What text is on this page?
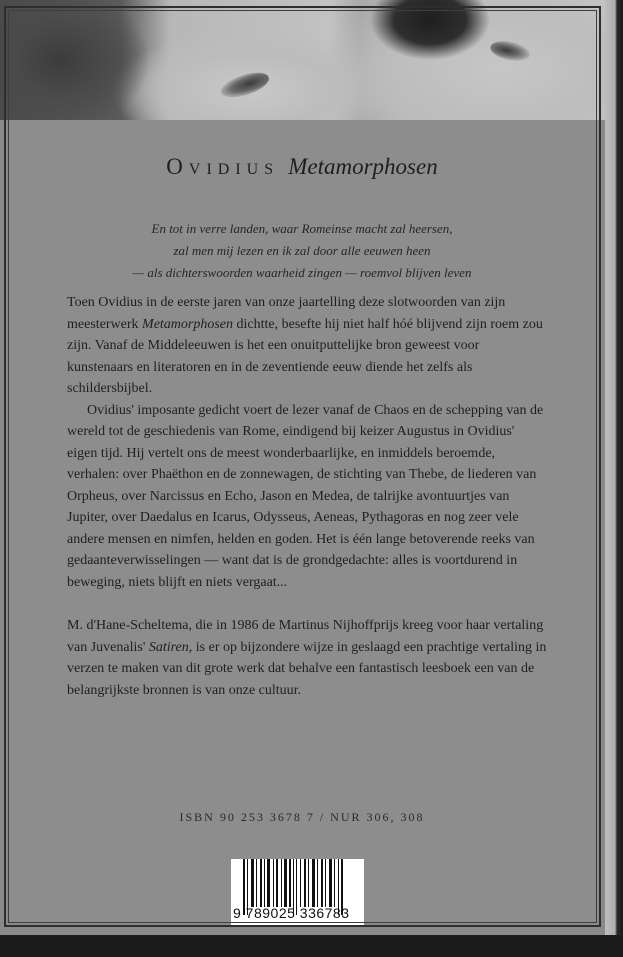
Ovidius Metamorphosen
En tot in verre landen, waar Romeinse macht zal heersen,
zal men mij lezen en ik zal door alle eeuwen heen
— als dichterswoorden waarheid zingen — roemvol blijven leven

Toen Ovidius in de eerste jaren van onze jaartelling deze slotwoorden van zijn meesterwerk Metamorphosen dichtte, besefte hij niet half hóé blijvend zijn roem zou zijn. Vanaf de Middeleeuwen is het een onuitputtelijke bron geweest voor kunstenaars en literatoren en in de zeventiende eeuw diende het zelfs als schildersbijbel.

Ovidius' imposante gedicht voert de lezer vanaf de Chaos en de schepping van de wereld tot de geschiedenis van Rome, eindigend bij keizer Augustus in Ovidius' eigen tijd. Hij vertelt ons de meest wonderbaarlijke, en inmiddels beroemde, verhalen: over Phaëthon en de zonnewagen, de stichting van Thebe, de liederen van Orpheus, over Narcissus en Echo, Jason en Medea, de talrijke avontuurtjes van Jupiter, over Daedalus en Icarus, Odysseus, Aeneas, Pythagoras en nog zeer vele andere mensen en nimfen, helden en goden. Het is één lange betoverende reeks van gedaanteverwisselingen — want dat is de grondgedachte: alles is voortdurend in beweging, niets blijft en niets vergaat...

M. d'Hane-Scheltema, die in 1986 de Martinus Nijhoffprijs kreeg voor haar vertaling van Juvenalis' Satiren, is er op bijzondere wijze in geslaagd een prachtige vertaling in verzen te maken van dit grote werk dat behalve een fantastisch leesboek een van de belangrijkste bronnen is van onze cultuur.

ISBN 90 253 3678 7 / NUR 306, 308
9 789025 336783
